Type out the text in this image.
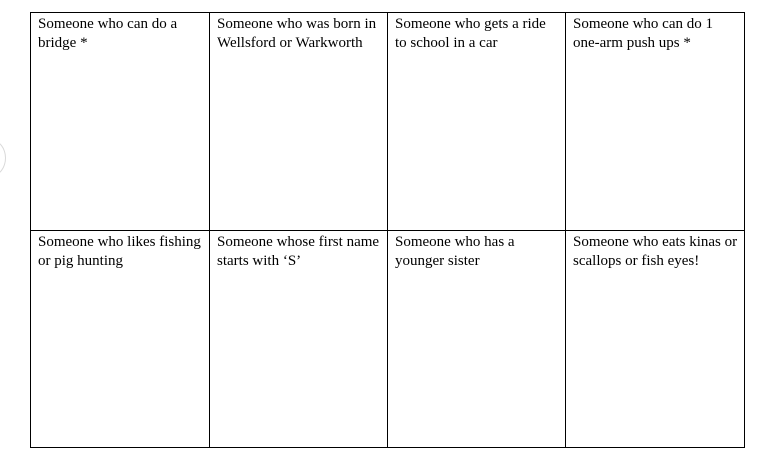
Someone who can do a bridge *	Someone who was born in Wellsford or Warkworth	Someone who gets a ride to school in a car	Someone who can do 1 one-arm push ups *
Someone who likes fishing or pig hunting	Someone whose first name starts with ‘S’	Someone who has a younger sister	Someone who eats kinas or scallops or fish eyes!
